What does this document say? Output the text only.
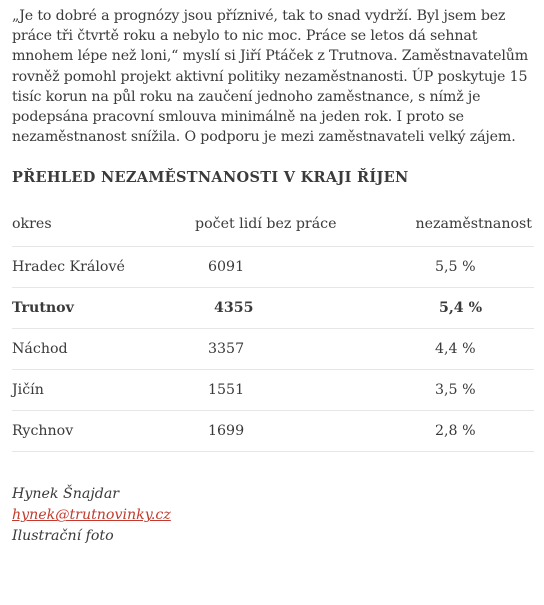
„Je to dobré a prognózy jsou příznivé, tak to snad vydrží. Byl jsem bez práce tři čtvrtě roku a nebylo to nic moc. Práce se letos dá sehnat mnohem lépe než loni,“ myslí si Jiří Ptáček z Trutnova. Zaměstnavatelům rovněž pomohl projekt aktivní politiky nezaměstnanosti. ÚP poskytuje 15 tisíc korun na půl roku na zaučení jednoho zaměstnance, s nímž je podepsána pracovní smlouva minimálně na jeden rok. I proto se nezaměstnanost snížila. O podporu je mezi zaměstnavateli velký zájem.

PŘEHLED NEZAMĚSTNANOSTI V KRAJI ŘÍJEN
okres	počet lidí bez práce	nezaměstnanost
Hradec Králové	6091	5,5 %
Trutnov	4355	5,4 %
Náchod	3357	4,4 %
Jičín	1551	3,5 %
Rychnov	1699	2,8 %
Hynek Šnajdar
hynek@trutnovinky.cz
Ilustrační foto
